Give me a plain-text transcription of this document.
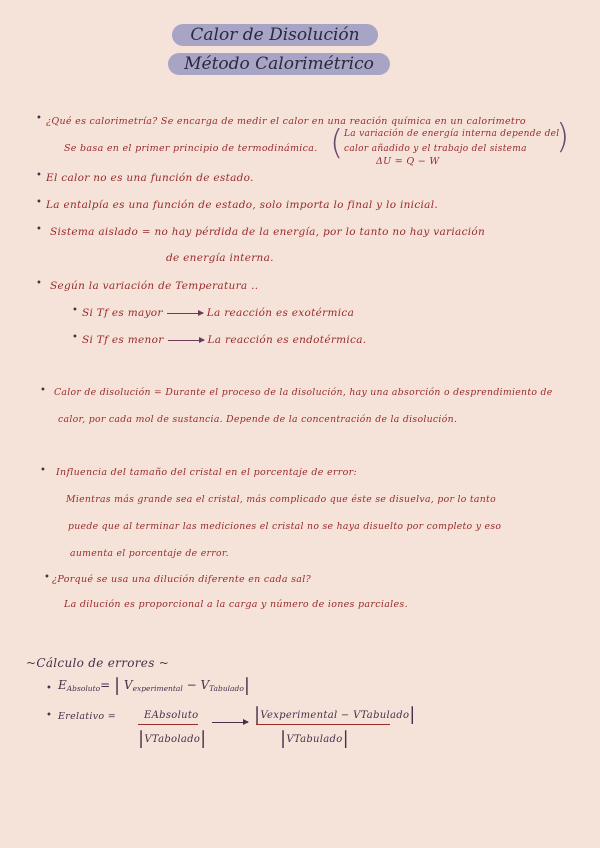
Calor de Disolución
Método Calorimétrico
• ¿Qué es calorimetría? Se encarga de medir el calor en una reación química en un calorimetro
Se basa en el primer principio de termodinámica. ( La variación de energía interna depende del
calor añadido y el trabajo del sistema
ΔU = Q − W
)
• El calor no es una función de estado.
• La entalpía es una función de estado, solo importa lo final y lo inicial.
• Sistema aislado = no hay pérdida de la energía, por lo tanto no hay variación
de energía interna.
• Según la variación de Temperatura ..
• Si Tf es mayor	La reacción es exotérmica
• Si Tf es menor	La reacción es endotérmica.
• Calor de disolución = Durante el proceso de la disolución, hay una absorción o desprendimiento de
calor, por cada mol de sustancia. Depende de la concentración de la disolución.
• Influencia del tamaño del cristal en el porcentaje de error:
Mientras más grande sea el cristal, más complicado que éste se disuelva, por lo tanto
puede que al terminar las mediciones el cristal no se haya disuelto por completo y eso
aumenta el porcentaje de error.
• ¿Porqué se usa una dilución diferente en cada sal?
La dilución es proporcional a la carga y número de iones parciales.
~Cálculo de errores ~
• $E_{Absoluto}=$ | $V_{experimental} - V_{Tabulado}|$
• Erelativo =	EAbsoluto
|VTabolado|
|Vexperimental − VTabulado|
|VTabulado|
